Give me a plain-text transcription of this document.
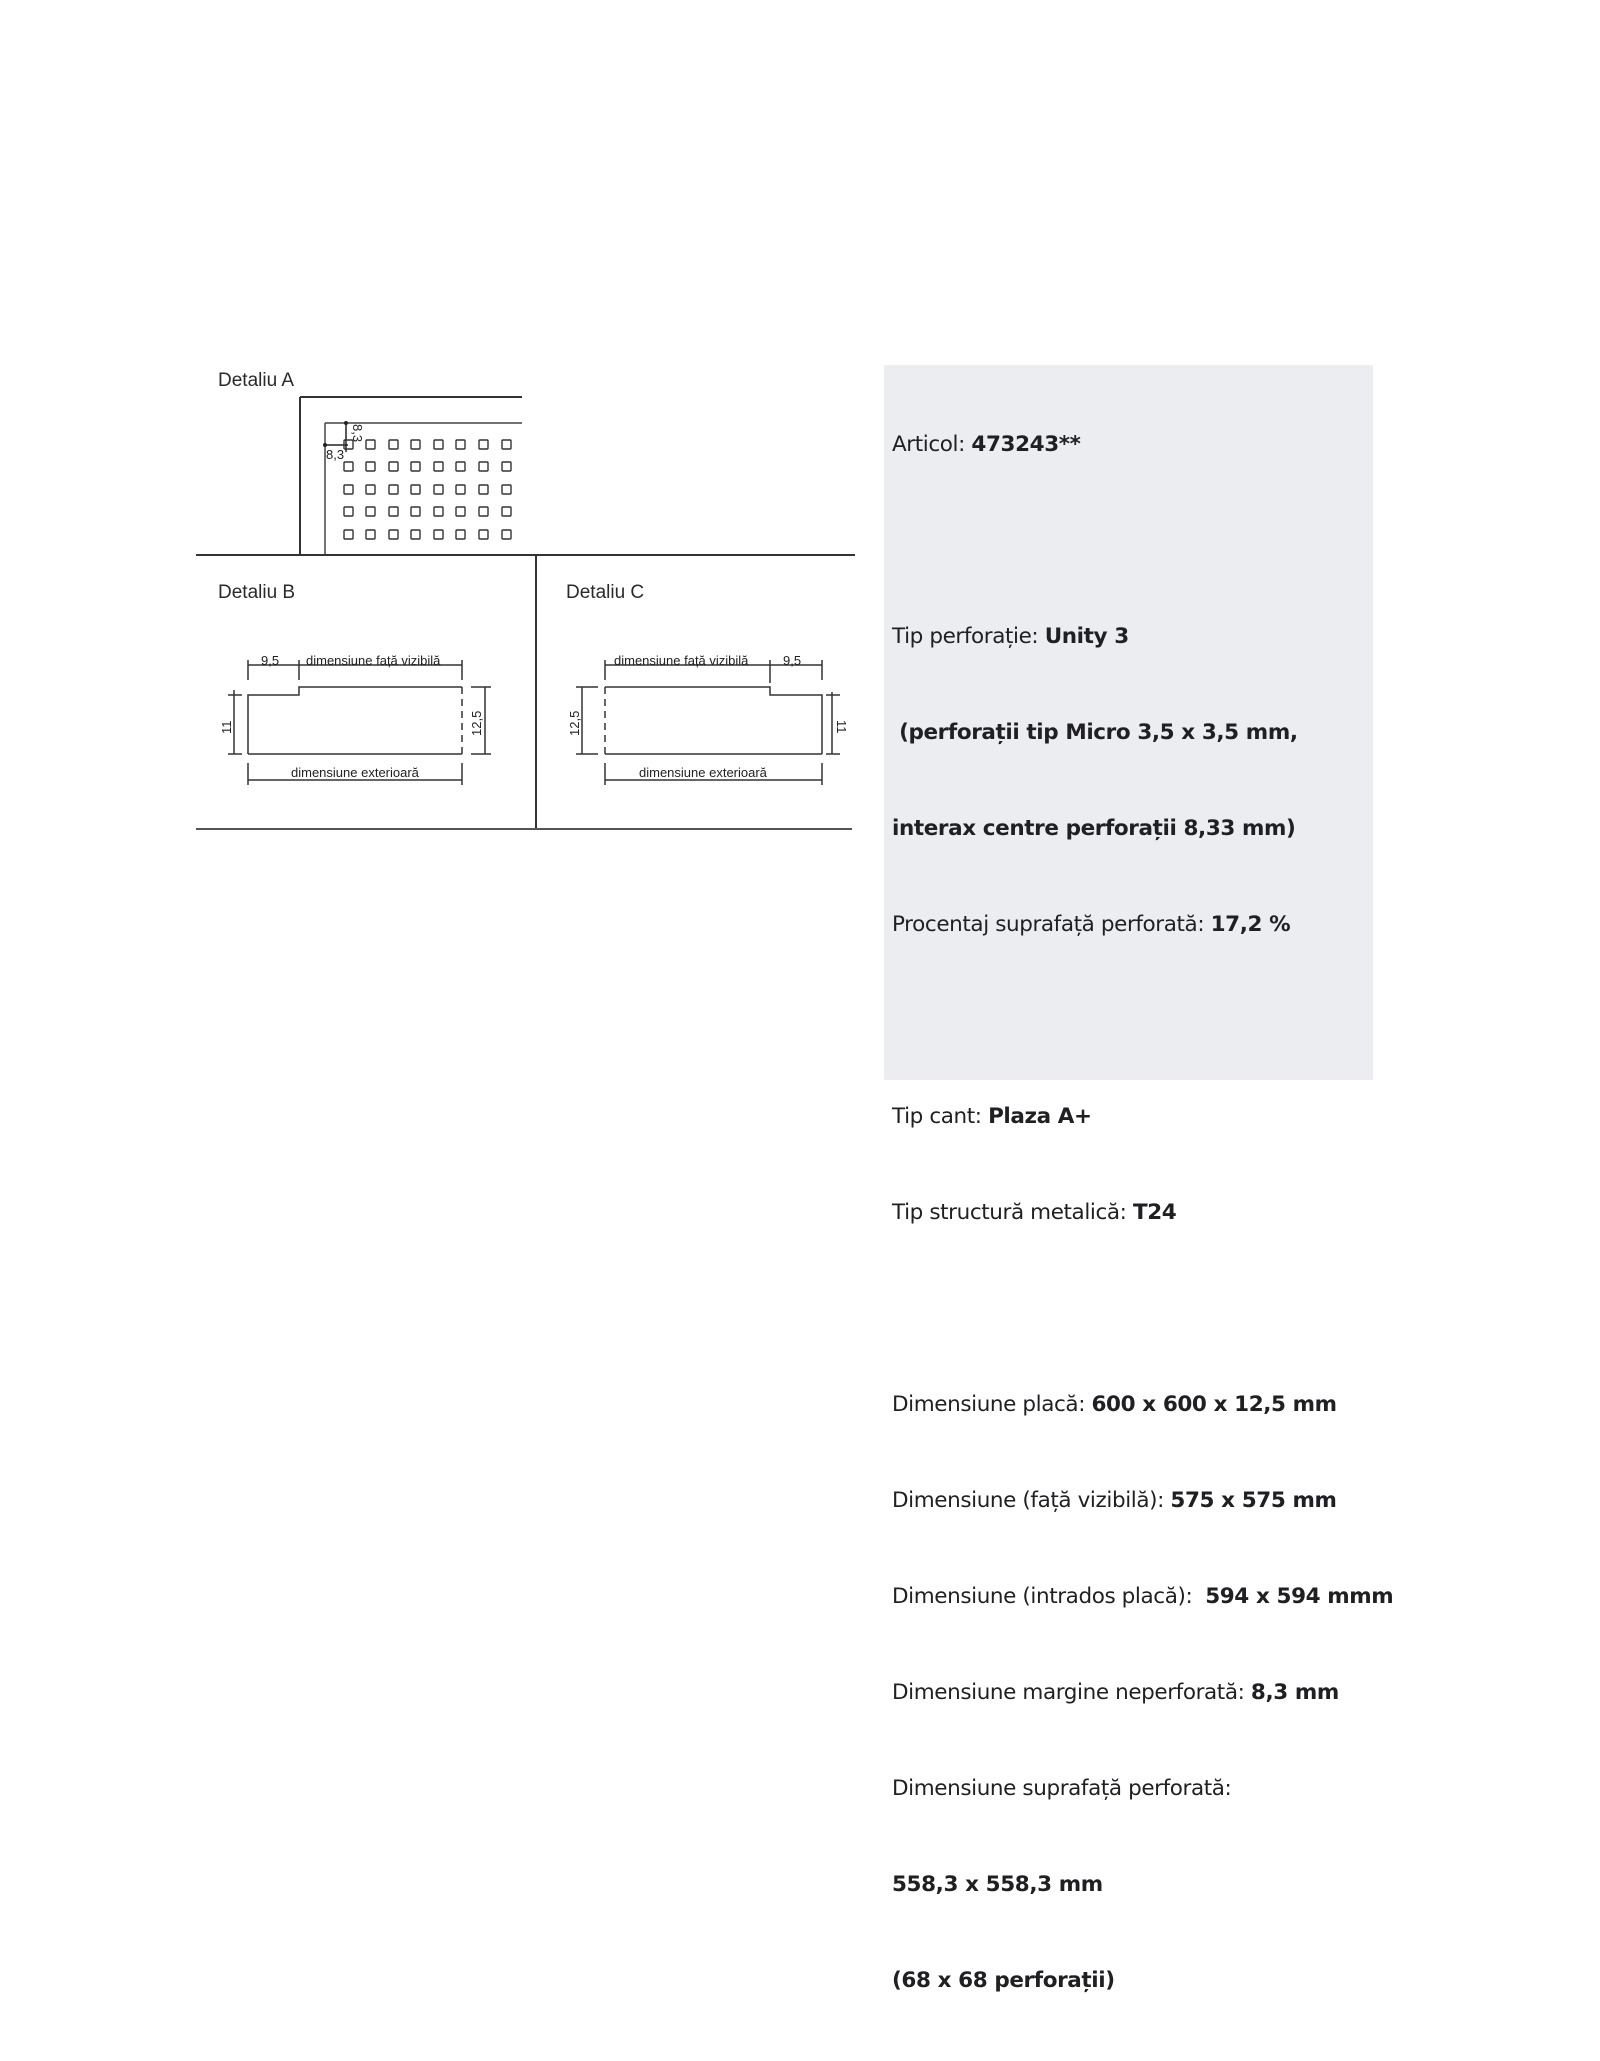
Detaliu A
8,3
8,3
Detaliu B
9,5 dimensiune față vizibilă
dimensiune exterioară
11	12,5
Detaliu C
dimensiune față vizibilă	9,5
dimensiune exterioară
12,5	11

Articol: 473243**

Tip perforație: Unity 3

(perforații tip Micro 3,5 x 3,5 mm,

interax centre perforații 8,33 mm)

Procentaj suprafață perforată: 17,2 %

Tip cant: Plaza A+

Tip structură metalică: T24

Dimensiune placă: 600 x 600 x 12,5 mm

Dimensiune (față vizibilă): 575 x 575 mm

Dimensiune (intrados placă):  594 x 594 mmm

Dimensiune margine neperforată: 8,3 mm

Dimensiune suprafață perforată:

558,3 x 558,3 mm

(68 x 68 perforații)
